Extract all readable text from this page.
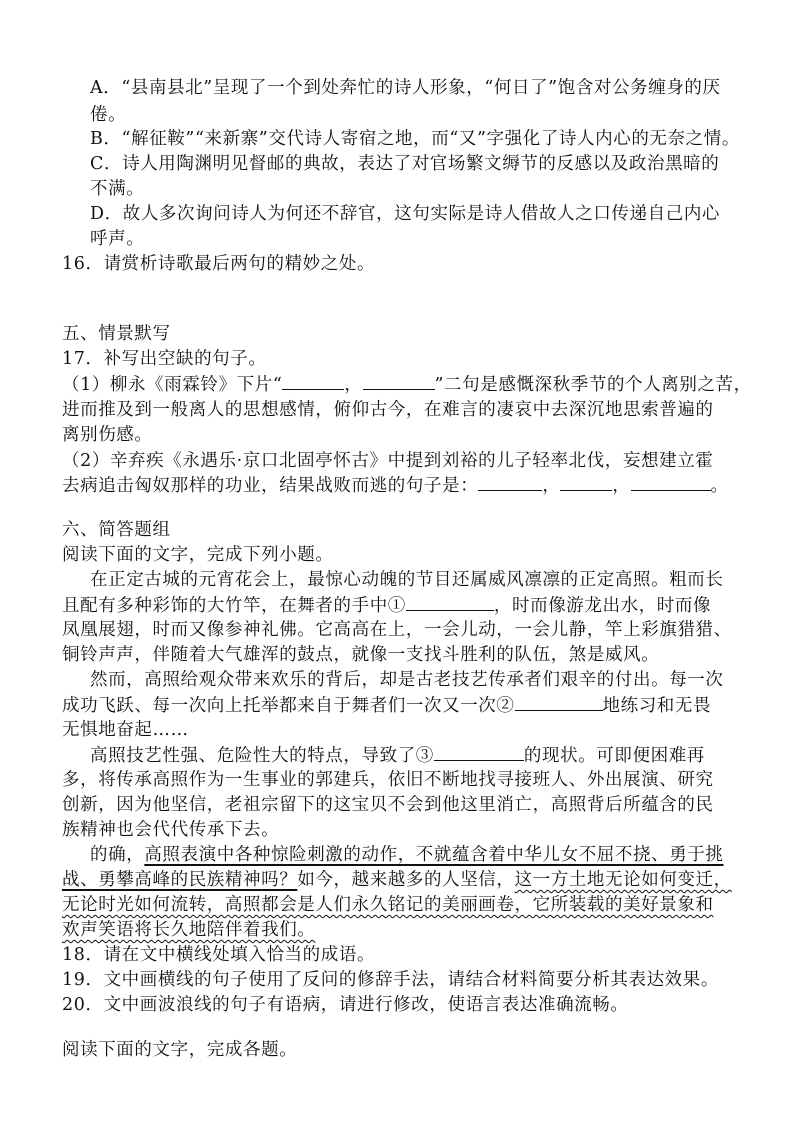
A．“县南县北”呈现了一个到处奔忙的诗人形象，“何日了”饱含对公务缠身的厌
倦。
B．“解征鞍”“来新寨”交代诗人寄宿之地，而“又”字强化了诗人内心的无奈之情。
C．诗人用陶渊明见督邮的典故，表达了对官场繁文缛节的反感以及政治黑暗的
不满。
D．故人多次询问诗人为何还不辞官，这句实际是诗人借故人之口传递自己内心
呼声。
16．请赏析诗歌最后两句的精妙之处。
五、情景默写
17．补写出空缺的句子。
（1）柳永《雨霖铃》下片“	，	”二句是感慨深秋季节的个人离别之苦，
进而推及到一般离人的思想感情，俯仰古今，在难言的凄哀中去深沉地思索普遍的
离别伤感。
（2）辛弃疾《永遇乐·京口北固亭怀古》中提到刘裕的儿子轻率北伐，妄想建立霍
去病追击匈奴那样的功业，结果战败而逃的句子是：	，	，	。
六、简答题组
阅读下面的文字，完成下列小题。
在正定古城的元宵花会上，最惊心动魄的节目还属威风凛凛的正定高照。粗而长
且配有多种彩饰的大竹竿，在舞者的手中①	，时而像游龙出水，时而像
凤凰展翅，时而又像参神礼佛。它高高在上，一会儿动，一会儿静，竿上彩旗猎猎、
铜铃声声，伴随着大气雄浑的鼓点，就像一支找斗胜利的队伍，煞是威风。
然而，高照给观众带来欢乐的背后，却是古老技艺传承者们艰辛的付出。每一次
成功飞跃、每一次向上托举都来自于舞者们一次又一次②	地练习和无畏
无惧地奋起……
高照技艺性强、危险性大的特点，导致了③	的现状。可即便困难再
多，将传承高照作为一生事业的郭建兵，依旧不断地找寻接班人、外出展演、研究
创新，因为他坚信，老祖宗留下的这宝贝不会到他这里消亡，高照背后所蕴含的民
族精神也会代代传承下去。
的确，高照表演中各种惊险刺激的动作，不就蕴含着中华儿女不屈不挠、勇于挑
战、勇攀高峰的民族精神吗？如今，越来越多的人坚信，这一方土地无论如何变迁，
无论时光如何流转，高照都会是人们永久铭记的美丽画卷，它所装载的美好景象和
欢声笑语将长久地陪伴着我们。
18．请在文中横线处填入恰当的成语。
19．文中画横线的句子使用了反问的修辞手法，请结合材料简要分析其表达效果。
20．文中画波浪线的句子有语病，请进行修改，使语言表达准确流畅。
阅读下面的文字，完成各题。
